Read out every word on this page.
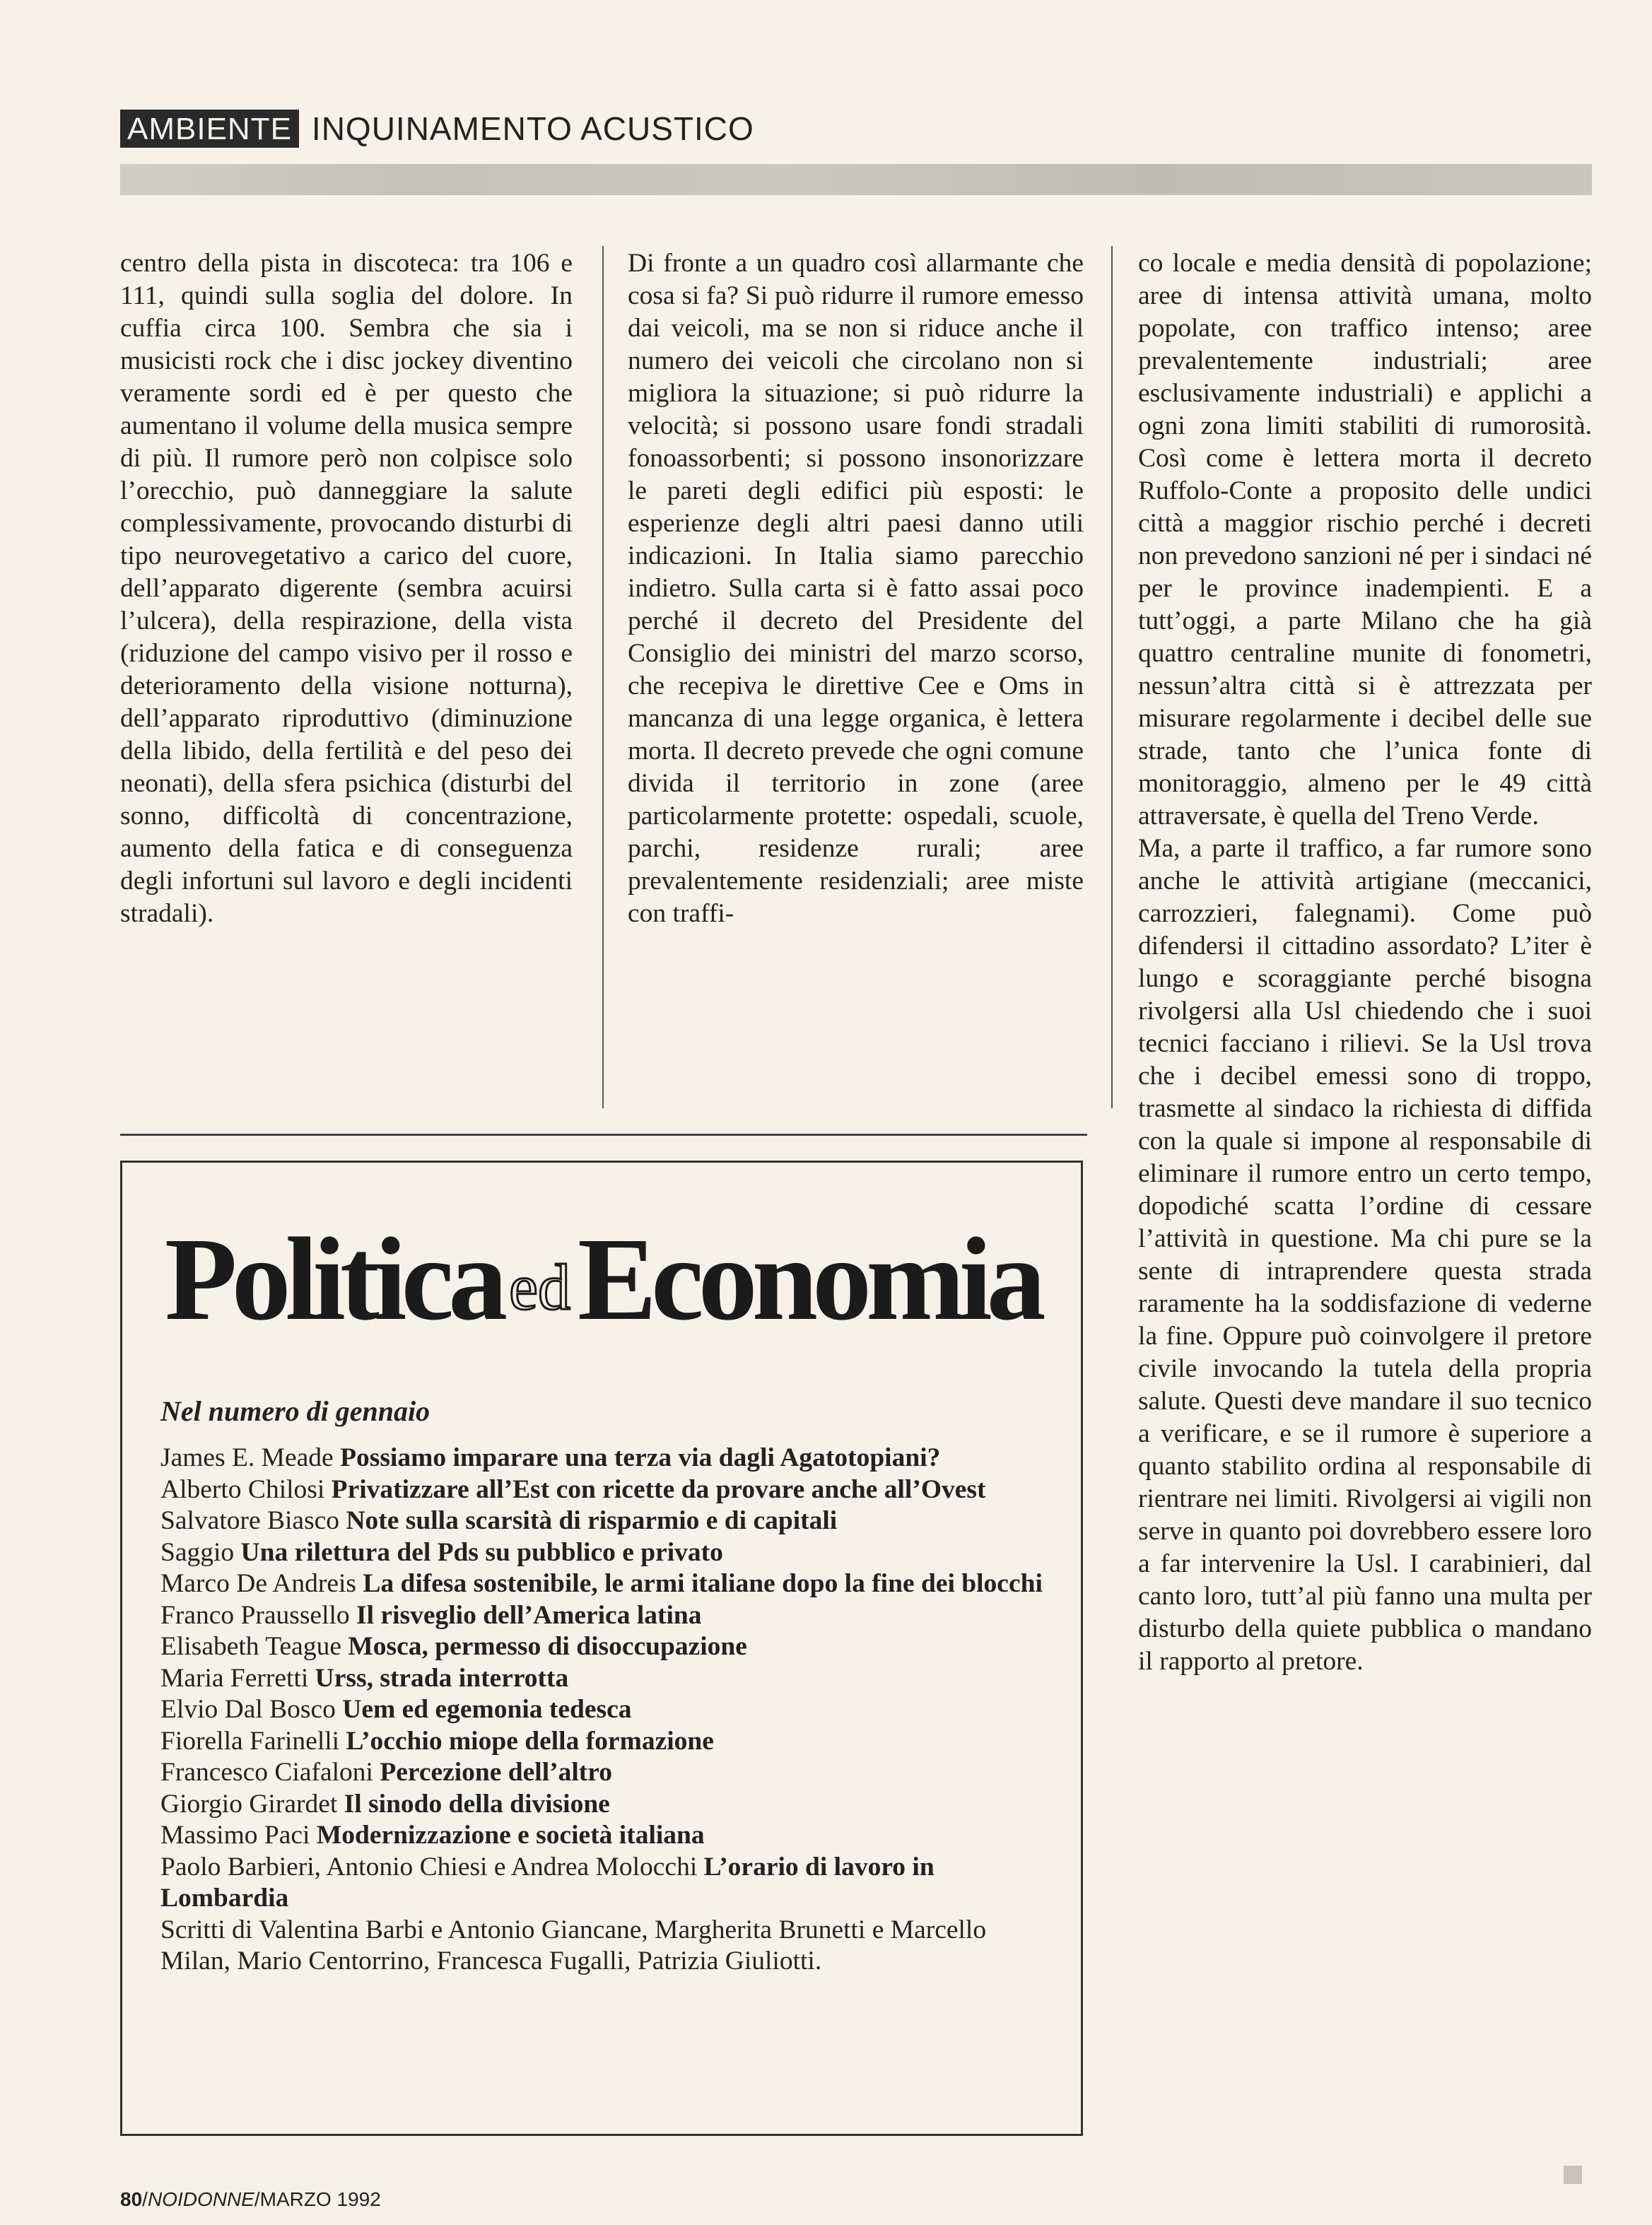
AMBIENTE INQUINAMENTO ACUSTICO

centro della pista in discoteca: tra 106 e 111, quindi sulla soglia del dolore. In cuffia circa 100. Sembra che sia i musicisti rock che i disc jockey diventino veramente sordi ed è per questo che aumentano il volume della musica sempre di più. Il rumore però non colpisce solo l’orecchio, può danneggiare la salute complessivamente, provocando disturbi di tipo neurovegetativo a carico del cuore, dell’apparato digerente (sembra acuirsi l’ulcera), della respirazione, della vista (riduzione del campo visivo per il rosso e deterioramento della visione notturna), dell’apparato riproduttivo (diminuzione della libido, della fertilità e del peso dei neonati), della sfera psichica (disturbi del sonno, difficoltà di concentrazione, aumento della fatica e di conseguenza degli infortuni sul lavoro e degli incidenti stradali).

Di fronte a un quadro così allarmante che cosa si fa? Si può ridurre il rumore emesso dai veicoli, ma se non si riduce anche il numero dei veicoli che circolano non si migliora la situazione; si può ridurre la velocità; si possono usare fondi stradali fonoassorbenti; si possono insonorizzare le pareti degli edifici più esposti: le esperienze degli altri paesi danno utili indicazioni. In Italia siamo parecchio indietro. Sulla carta si è fatto assai poco perché il decreto del Presidente del Consiglio dei ministri del marzo scorso, che recepiva le direttive Cee e Oms in mancanza di una legge organica, è lettera morta. Il decreto prevede che ogni comune divida il territorio in zone (aree particolarmente protette: ospedali, scuole, parchi, residenze rurali; aree prevalentemente residenziali; aree miste con traffi-

co locale e media densità di popolazione; aree di intensa attività umana, molto popolate, con traffico intenso; aree prevalentemente industriali; aree esclusivamente industriali) e applichi a ogni zona limiti stabiliti di rumorosità. Così come è lettera morta il decreto Ruffolo-Conte a proposito delle undici città a maggior rischio perché i decreti non prevedono sanzioni né per i sindaci né per le province inadempienti. E a tutt’oggi, a parte Milano che ha già quattro centraline munite di fonometri, nessun’altra città si è attrezzata per misurare regolarmente i decibel delle sue strade, tanto che l’unica fonte di monitoraggio, almeno per le 49 città attraversate, è quella del Treno Verde.

Ma, a parte il traffico, a far rumore sono anche le attività artigiane (meccanici, carrozzieri, falegnami). Come può difendersi il cittadino assordato? L’iter è lungo e scoraggiante perché bisogna rivolgersi alla Usl chiedendo che i suoi tecnici facciano i rilievi. Se la Usl trova che i decibel emessi sono di troppo, trasmette al sindaco la richiesta di diffida con la quale si impone al responsabile di eliminare il rumore entro un certo tempo, dopodiché scatta l’ordine di cessare l’attività in questione. Ma chi pure se la sente di intraprendere questa strada raramente ha la soddisfazione di vederne la fine. Oppure può coinvolgere il pretore civile invocando la tutela della propria salute. Questi deve mandare il suo tecnico a verificare, e se il rumore è superiore a quanto stabilito ordina al responsabile di rientrare nei limiti. Rivolgersi ai vigili non serve in quanto poi dovrebbero essere loro a far intervenire la Usl. I carabinieri, dal canto loro, tutt’al più fanno una multa per disturbo della quiete pubblica o mandano il rapporto al pretore.

Politica edEconomia
Nel numero di gennaio
James E. Meade Possiamo imparare una terza via dagli Agatotopiani?
Alberto Chilosi Privatizzare all’Est con ricette da provare anche all’Ovest
Salvatore Biasco Note sulla scarsità di risparmio e di capitali
Saggio Una rilettura del Pds su pubblico e privato
Marco De Andreis La difesa sostenibile, le armi italiane dopo la fine dei blocchi
Franco Praussello Il risveglio dell’America latina
Elisabeth Teague Mosca, permesso di disoccupazione
Maria Ferretti Urss, strada interrotta
Elvio Dal Bosco Uem ed egemonia tedesca
Fiorella Farinelli L’occhio miope della formazione
Francesco Ciafaloni Percezione dell’altro
Giorgio Girardet Il sinodo della divisione
Massimo Paci Modernizzazione e società italiana
Paolo Barbieri, Antonio Chiesi e Andrea Molocchi L’orario di lavoro in Lombardia
Scritti di Valentina Barbi e Antonio Giancane, Margherita Brunetti e Marcello Milan, Mario Centorrino, Francesca Fugalli, Patrizia Giuliotti.
80/NOIDONNE/MARZO 1992
